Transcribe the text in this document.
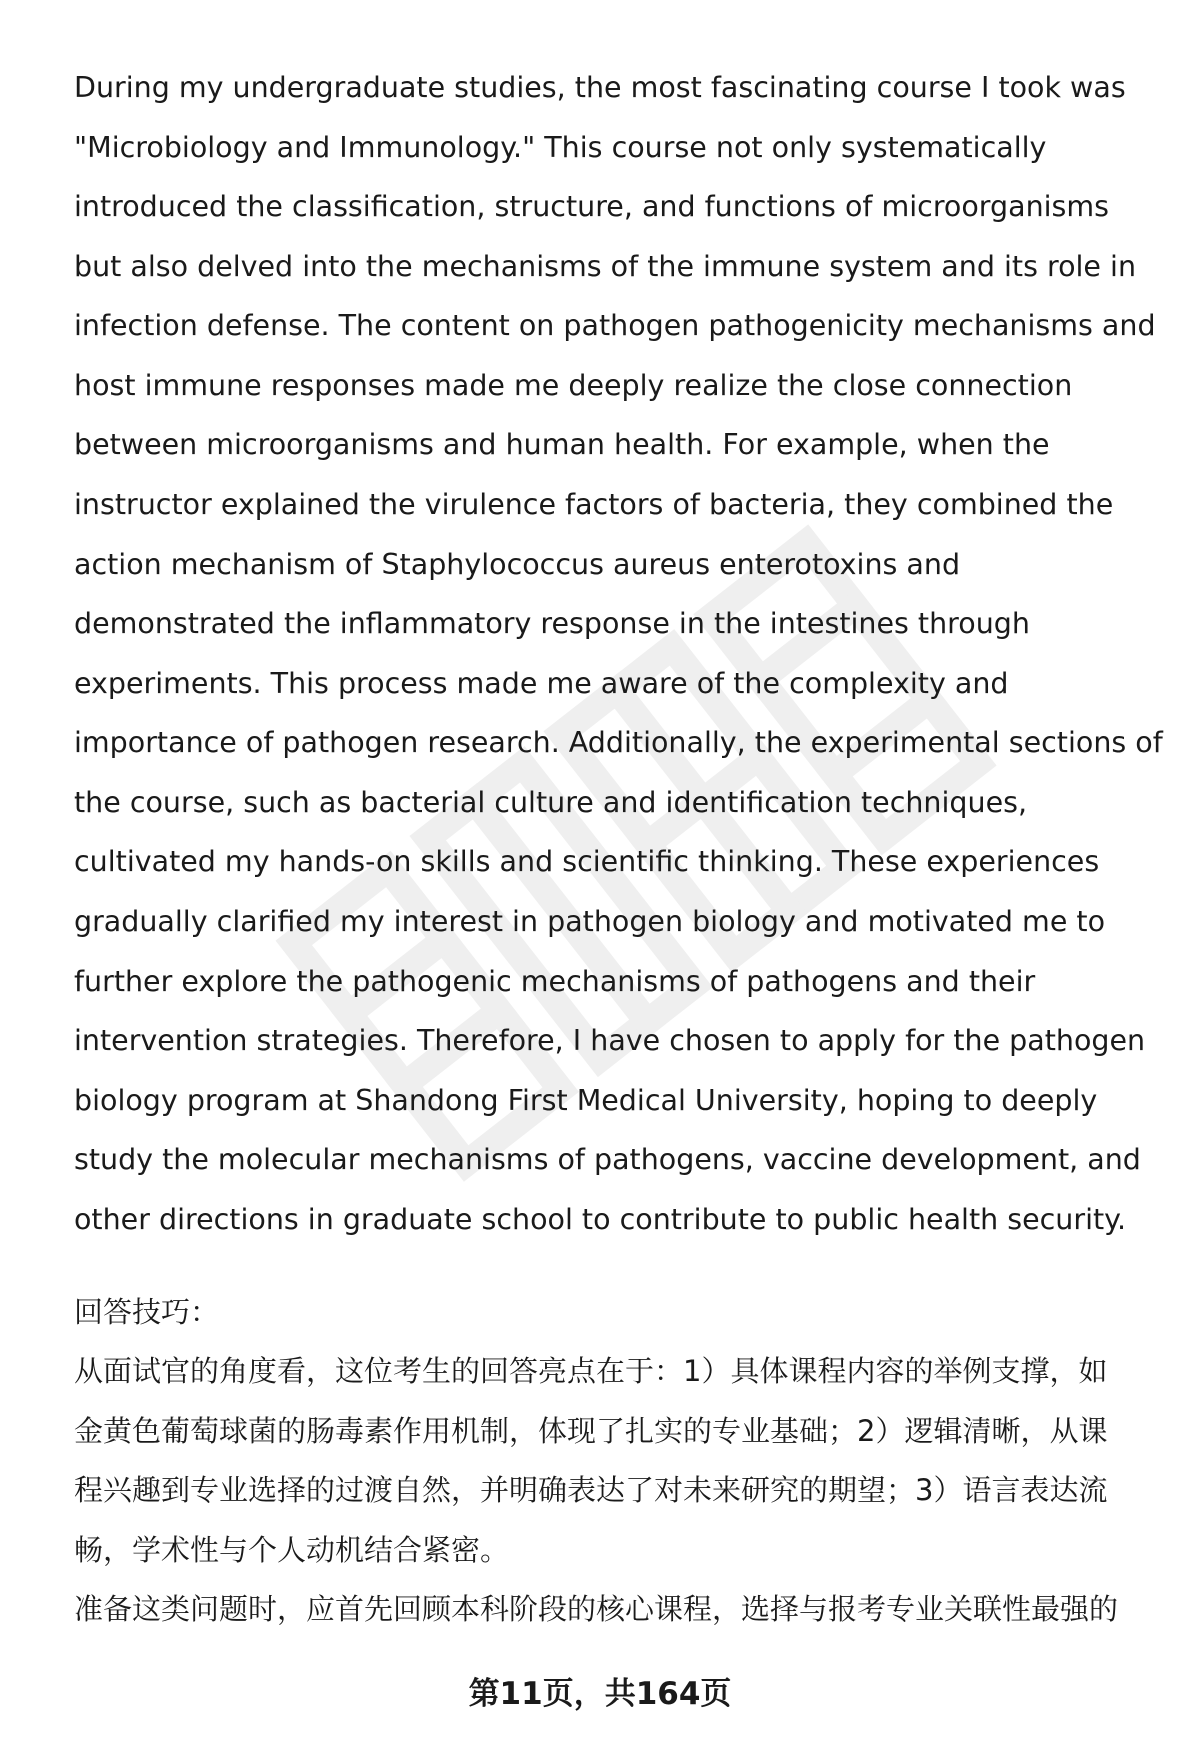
During my undergraduate studies, the most fascinating course I took was
"Microbiology and Immunology." This course not only systematically
introduced the classification, structure, and functions of microorganisms
but also delved into the mechanisms of the immune system and its role in
infection defense. The content on pathogen pathogenicity mechanisms and
host immune responses made me deeply realize the close connection
between microorganisms and human health. For example, when the
instructor explained the virulence factors of bacteria, they combined the
action mechanism of Staphylococcus aureus enterotoxins and
demonstrated the inflammatory response in the intestines through
experiments. This process made me aware of the complexity and
importance of pathogen research. Additionally, the experimental sections of
the course, such as bacterial culture and identification techniques,
cultivated my hands-on skills and scientific thinking. These experiences
gradually clarified my interest in pathogen biology and motivated me to
further explore the pathogenic mechanisms of pathogens and their
intervention strategies. Therefore, I have chosen to apply for the pathogen
biology program at Shandong First Medical University, hoping to deeply
study the molecular mechanisms of pathogens, vaccine development, and
other directions in graduate school to contribute to public health security.
回答技巧：
从面试官的角度看，这位考生的回答亮点在于：1）具体课程内容的举例支撑，如
金黄色葡萄球菌的肠毒素作用机制，体现了扎实的专业基础；2）逻辑清晰，从课
程兴趣到专业选择的过渡自然，并明确表达了对未来研究的期望；3）语言表达流
畅，学术性与个人动机结合紧密。
准备这类问题时，应首先回顾本科阶段的核心课程，选择与报考专业关联性最强的
第11页，共164页
